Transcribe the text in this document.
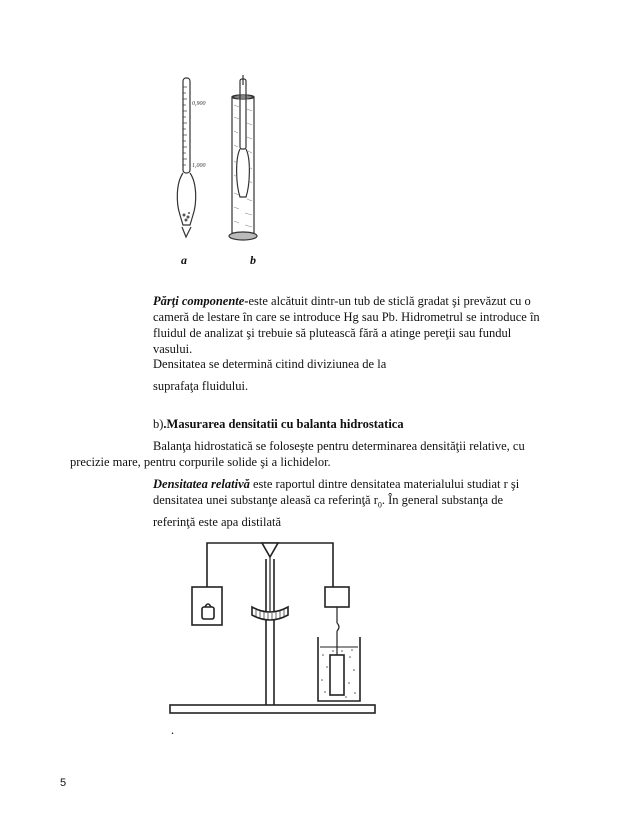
0,900
1,000
a	b
Părţi componente-este alcătuit dintr-un tub de sticlă gradat şi prevăzut cu o
cameră de lestare în care se introduce Hg sau Pb. Hidrometrul se introduce în
fluidul de analizat şi trebuie să plutească fără a atinge pereţii sau fundul
vasului.
Densitatea se determină citind diviziunea de la
suprafaţa fluidului.
b).Masurarea densitatii cu balanta hidrostatica
Balanţa hidrostatică se foloseşte pentru determinarea densităţii relative, cu
precizie mare, pentru corpurile solide şi a lichidelor.
Densitatea relativă este raportul dintre densitatea materialului studiat r şi
densitatea unei substanţe aleasă ca referinţă $r_0$. În general substanţa de
referinţă este apa distilată
.
5
